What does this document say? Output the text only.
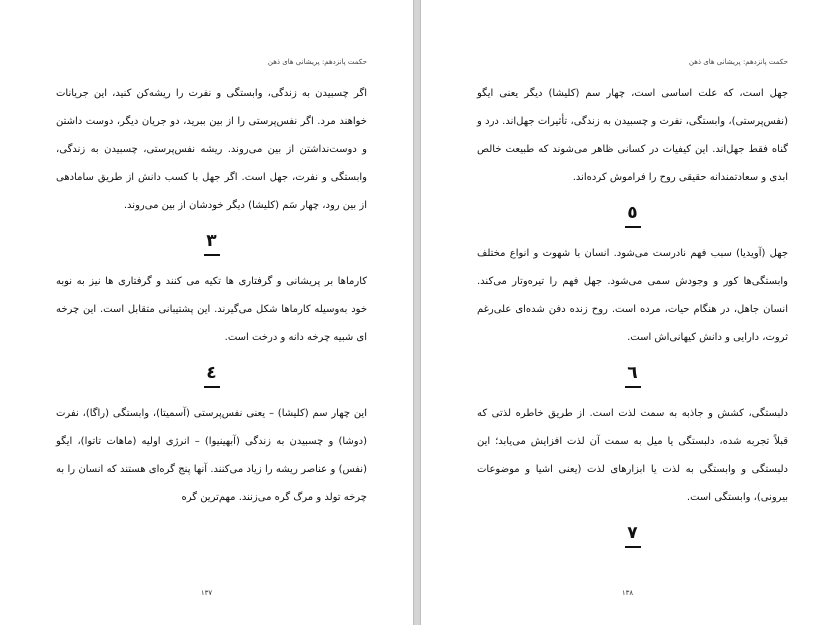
حکمت پانزدهم: پریشانی های ذهن

اگر چسبیدن به زندگی، وابستگی و نفرت را ریشه‌کن کنید، این جریانات خواهند مرد. اگر نفس‌پرستی را از بین ببرید، دو جریان دیگر، دوست داشتن و دوست‌نداشتن از بین می‌روند. ریشه نفس‌پرستی، چسبیدن به زندگی، وابستگی و نفرت، جهل است. اگر جهل با کسب دانش از طریق سامادهی از بین رود، چهار سَم (کلیشا) دیگر خودشان از بین می‌روند.

۳

کارماها بر پریشانی و گرفتاری ها تکیه می کنند و گرفتاری ها نیز به نوبه خود به‌وسیله کارماها شکل می‌گیرند. این پشتیبانی متقابل است. این چرخه ای شبیه چرخه دانه و درخت است.

٤

این چهار سم (کلیشا) – یعنی نفس‌پرستی (آسمیتا)، وابستگی (راگا)، نفرت (دوشا) و چسبیدن به زندگی (آبهینیوا) – انرژی اولیه (ماهات تاتوا)، ایگو (نفس) و عناصر ریشه را زیاد می‌کنند. آنها پنج گره‌ای هستند که انسان را به چرخه تولد و مرگ گره می‌زنند. مهم‌ترین گره

۱۳۷
حکمت پانزدهم: پریشانی های ذهن

جهل است، که علت اساسی است، چهار سم (کلیشا) دیگر یعنی ایگو (نفس‌پرستی)، وابستگی، نفرت و چسبیدن به زندگی، تأثیرات جهل‌اند. درد و گناه فقط جهل‌اند. این کیفیات در کسانی ظاهر می‌شوند که طبیعت خالص ابدی و سعادتمندانه حقیقی روح را فراموش کرده‌اند.

٥

جهل (آویدیا) سبب فهم نادرست می‌شود. انسان با شهوت و انواع مختلف وابستگی‌ها کور و وجودش سمی می‌شود. جهل فهم را تیره‌وتار می‌کند. انسان جاهل، در هنگام حیات، مرده است. روح زنده دفن شده‌ای علی‌رغم ثروت، دارایی و دانش کیهانی‌اش است.

٦

دلبستگی، کشش و جاذبه به سمت لذت است. از طریق خاطره لذتی که قبلاً تجربه شده، دلبستگی یا میل به سمت آن لذت افزایش می‌یابد؛ این دلبستگی و وابستگی به لذت یا ابزارهای لذت (یعنی اشیا و موضوعات بیرونی)، وابستگی است.

۷
۱۳۸
